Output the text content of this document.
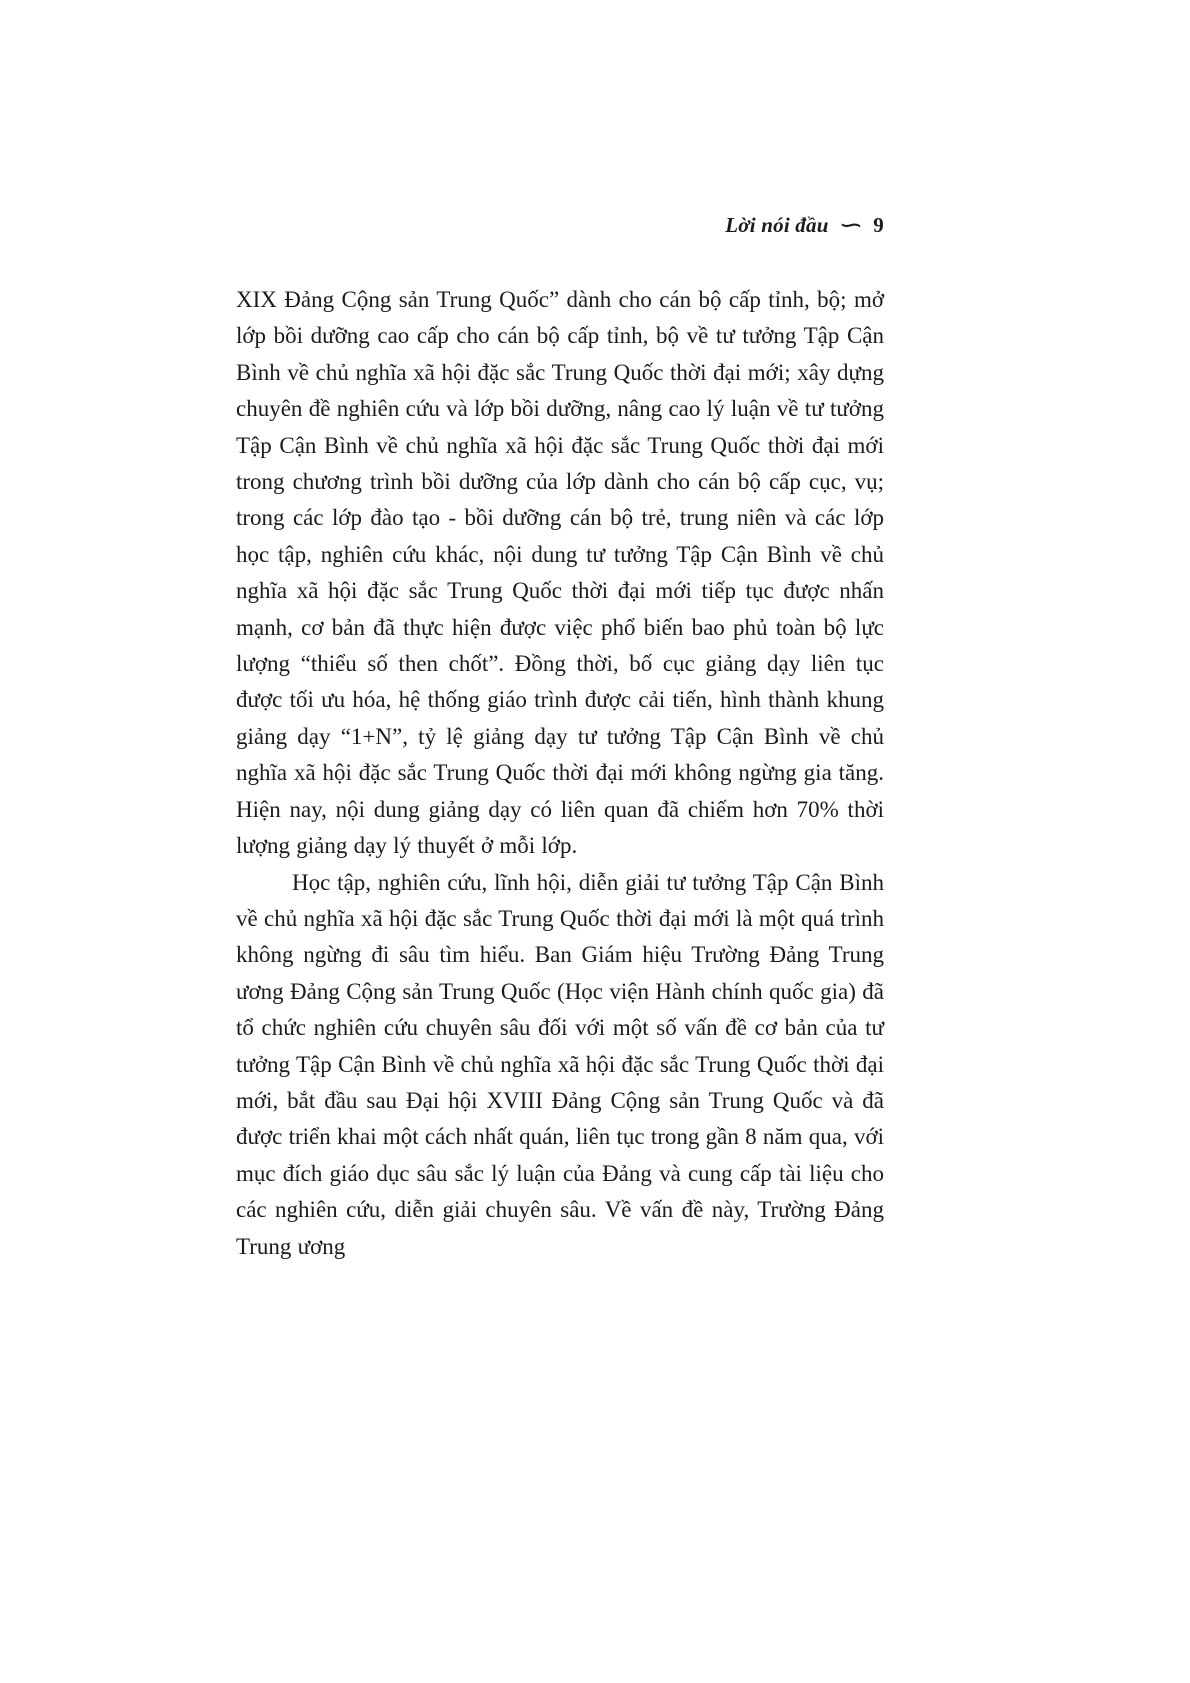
Lời nói đầu ∽ 9

XIX Đảng Cộng sản Trung Quốc” dành cho cán bộ cấp tỉnh, bộ; mở lớp bồi dưỡng cao cấp cho cán bộ cấp tỉnh, bộ về tư tưởng Tập Cận Bình về chủ nghĩa xã hội đặc sắc Trung Quốc thời đại mới; xây dựng chuyên đề nghiên cứu và lớp bồi dưỡng, nâng cao lý luận về tư tưởng Tập Cận Bình về chủ nghĩa xã hội đặc sắc Trung Quốc thời đại mới trong chương trình bồi dưỡng của lớp dành cho cán bộ cấp cục, vụ; trong các lớp đào tạo - bồi dưỡng cán bộ trẻ, trung niên và các lớp học tập, nghiên cứu khác, nội dung tư tưởng Tập Cận Bình về chủ nghĩa xã hội đặc sắc Trung Quốc thời đại mới tiếp tục được nhấn mạnh, cơ bản đã thực hiện được việc phổ biến bao phủ toàn bộ lực lượng “thiểu số then chốt”. Đồng thời, bố cục giảng dạy liên tục được tối ưu hóa, hệ thống giáo trình được cải tiến, hình thành khung giảng dạy “1+N”, tỷ lệ giảng dạy tư tưởng Tập Cận Bình về chủ nghĩa xã hội đặc sắc Trung Quốc thời đại mới không ngừng gia tăng. Hiện nay, nội dung giảng dạy có liên quan đã chiếm hơn 70% thời lượng giảng dạy lý thuyết ở mỗi lớp.

Học tập, nghiên cứu, lĩnh hội, diễn giải tư tưởng Tập Cận Bình về chủ nghĩa xã hội đặc sắc Trung Quốc thời đại mới là một quá trình không ngừng đi sâu tìm hiểu. Ban Giám hiệu Trường Đảng Trung ương Đảng Cộng sản Trung Quốc (Học viện Hành chính quốc gia) đã tổ chức nghiên cứu chuyên sâu đối với một số vấn đề cơ bản của tư tưởng Tập Cận Bình về chủ nghĩa xã hội đặc sắc Trung Quốc thời đại mới, bắt đầu sau Đại hội XVIII Đảng Cộng sản Trung Quốc và đã được triển khai một cách nhất quán, liên tục trong gần 8 năm qua, với mục đích giáo dục sâu sắc lý luận của Đảng và cung cấp tài liệu cho các nghiên cứu, diễn giải chuyên sâu. Về vấn đề này, Trường Đảng Trung ương
